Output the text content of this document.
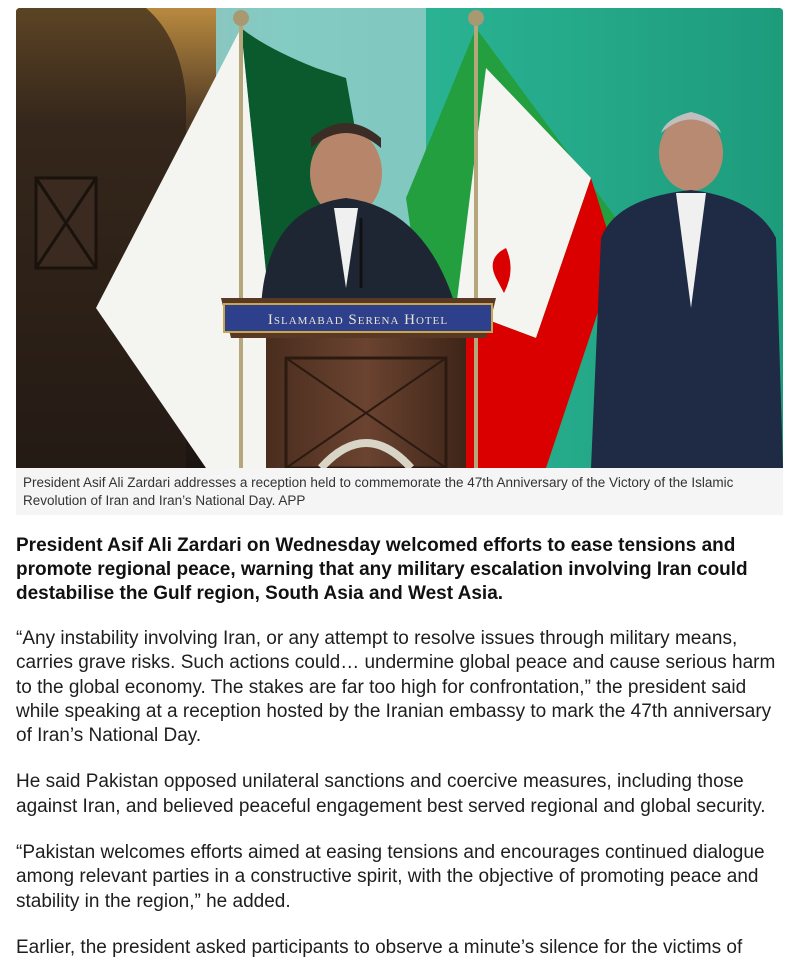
Islamabad Serena Hotel
President Asif Ali Zardari addresses a reception held to commemorate the 47th Anniversary of the Victory of the Islamic Revolution of Iran and Iran’s National Day. APP

President Asif Ali Zardari on Wednesday welcomed efforts to ease tensions and promote regional peace, warning that any military escalation involving Iran could destabilise the Gulf region, South Asia and West Asia.

“Any instability involving Iran, or any attempt to resolve issues through military means, carries grave risks. Such actions could… undermine global peace and cause serious harm to the global economy. The stakes are far too high for confrontation,” the president said while speaking at a reception hosted by the Iranian embassy to mark the 47th anniversary of Iran’s National Day.

He said Pakistan opposed unilateral sanctions and coercive measures, including those against Iran, and believed peaceful engagement best served regional and global security.

“Pakistan welcomes efforts aimed at easing tensions and encourages continued dialogue among relevant parties in a constructive spirit, with the objective of promoting peace and stability in the region,” he added.

Earlier, the president asked participants to observe a minute’s silence for the victims of
